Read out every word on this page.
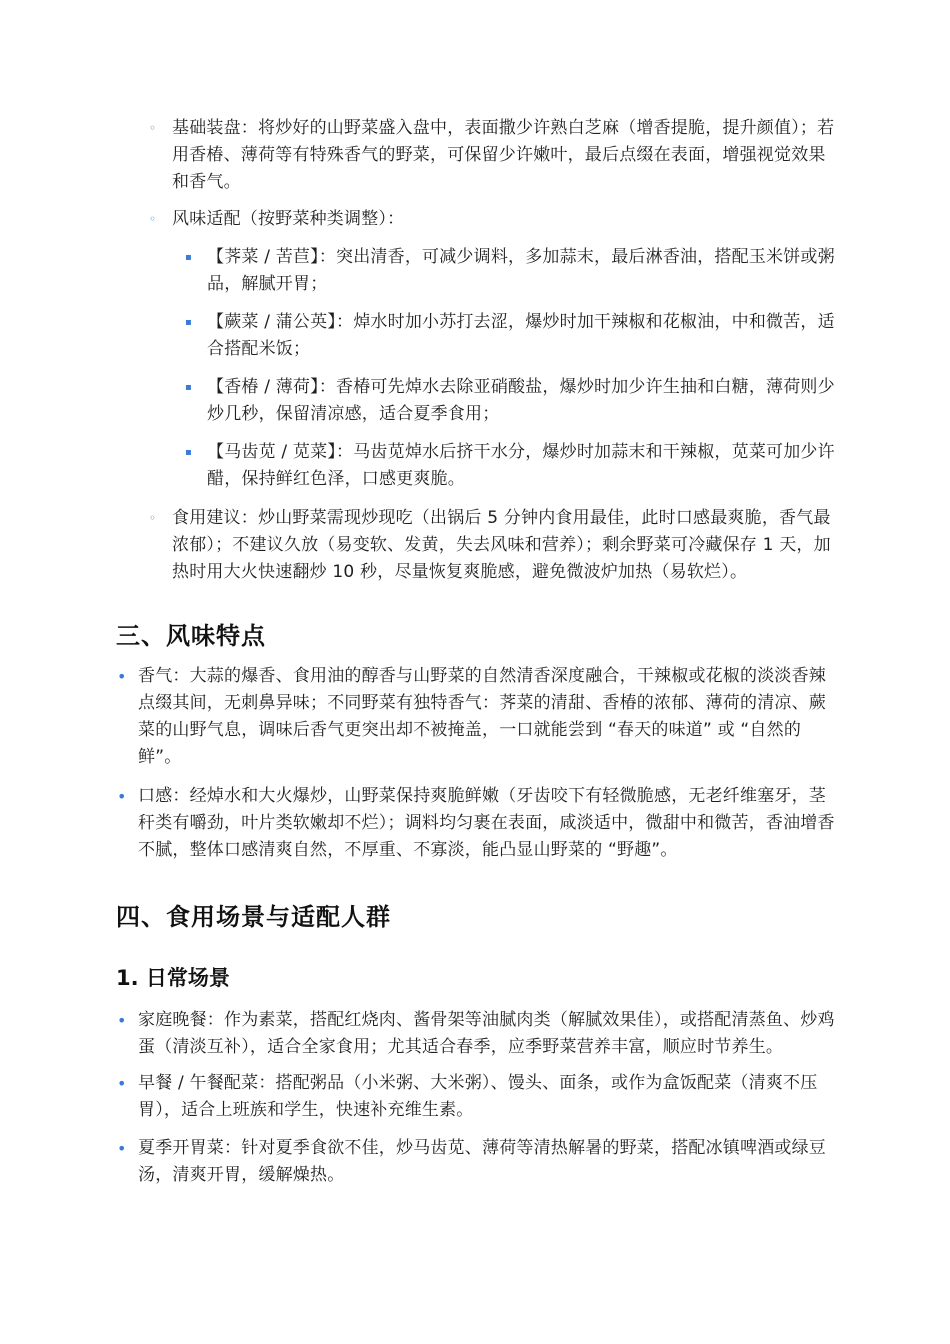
◦ 基础装盘：将炒好的山野菜盛入盘中，表面撒少许熟白芝麻（增香提脆，提升颜值）；若用香椿、薄荷等有特殊香气的野菜，可保留少许嫩叶，最后点缀在表面，增强视觉效果和香气。
◦ 风味适配（按野菜种类调整）：
▪ 【荠菜 / 苦苣】：突出清香，可减少调料，多加蒜末，最后淋香油，搭配玉米饼或粥品，解腻开胃；
▪ 【蕨菜 / 蒲公英】：焯水时加小苏打去涩，爆炒时加干辣椒和花椒油，中和微苦，适合搭配米饭；
▪ 【香椿 / 薄荷】：香椿可先焯水去除亚硝酸盐，爆炒时加少许生抽和白糖，薄荷则少炒几秒，保留清凉感，适合夏季食用；
▪ 【马齿苋 / 苋菜】：马齿苋焯水后挤干水分，爆炒时加蒜末和干辣椒，苋菜可加少许醋，保持鲜红色泽，口感更爽脆。
◦ 食用建议：炒山野菜需现炒现吃（出锅后 5 分钟内食用最佳，此时口感最爽脆，香气最浓郁）；不建议久放（易变软、发黄，失去风味和营养）；剩余野菜可冷藏保存 1 天，加热时用大火快速翻炒 10 秒，尽量恢复爽脆感，避免微波炉加热（易软烂）。
三、风味特点
• 香气：大蒜的爆香、食用油的醇香与山野菜的自然清香深度融合，干辣椒或花椒的淡淡香辣点缀其间，无刺鼻异味；不同野菜有独特香气：荠菜的清甜、香椿的浓郁、薄荷的清凉、蕨菜的山野气息，调味后香气更突出却不被掩盖，一口就能尝到 “春天的味道” 或 “自然的鲜”。
• 口感：经焯水和大火爆炒，山野菜保持爽脆鲜嫩（牙齿咬下有轻微脆感，无老纤维塞牙，茎秆类有嚼劲，叶片类软嫩却不烂）；调料均匀裹在表面，咸淡适中，微甜中和微苦，香油增香不腻，整体口感清爽自然，不厚重、不寡淡，能凸显山野菜的 “野趣”。
四、食用场景与适配人群
1. 日常场景
• 家庭晚餐：作为素菜，搭配红烧肉、酱骨架等油腻肉类（解腻效果佳），或搭配清蒸鱼、炒鸡蛋（清淡互补），适合全家食用；尤其适合春季，应季野菜营养丰富，顺应时节养生。
• 早餐 / 午餐配菜：搭配粥品（小米粥、大米粥）、馒头、面条，或作为盒饭配菜（清爽不压胃），适合上班族和学生，快速补充维生素。
• 夏季开胃菜：针对夏季食欲不佳，炒马齿苋、薄荷等清热解暑的野菜，搭配冰镇啤酒或绿豆汤，清爽开胃，缓解燥热。
